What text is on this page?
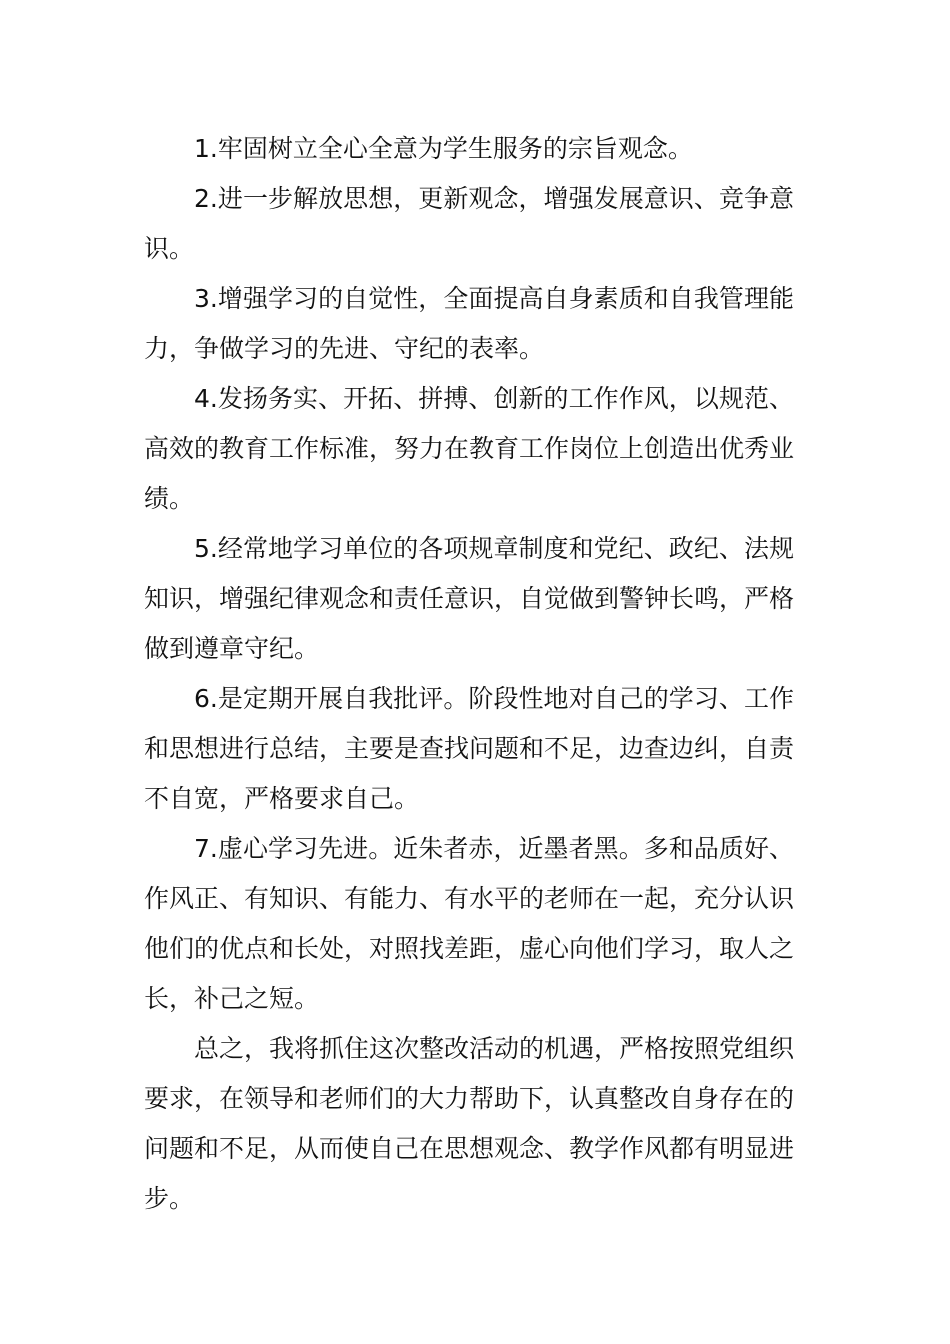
1.牢固树立全心全意为学生服务的宗旨观念。

2.进一步解放思想，更新观念，增强发展意识、竞争意识。

3.增强学习的自觉性，全面提高自身素质和自我管理能力，争做学习的先进、守纪的表率。

4.发扬务实、开拓、拼搏、创新的工作作风，以规范、高效的教育工作标准，努力在教育工作岗位上创造出优秀业绩。

5.经常地学习单位的各项规章制度和党纪、政纪、法规知识，增强纪律观念和责任意识，自觉做到警钟长鸣，严格做到遵章守纪。

6.是定期开展自我批评。阶段性地对自己的学习、工作和思想进行总结，主要是查找问题和不足，边查边纠，自责不自宽，严格要求自己。

7.虚心学习先进。近朱者赤，近墨者黑。多和品质好、作风正、有知识、有能力、有水平的老师在一起，充分认识他们的优点和长处，对照找差距，虚心向他们学习，取人之长，补己之短。

总之，我将抓住这次整改活动的机遇，严格按照党组织要求，在领导和老师们的大力帮助下，认真整改自身存在的问题和不足，从而使自己在思想观念、教学作风都有明显进步。
